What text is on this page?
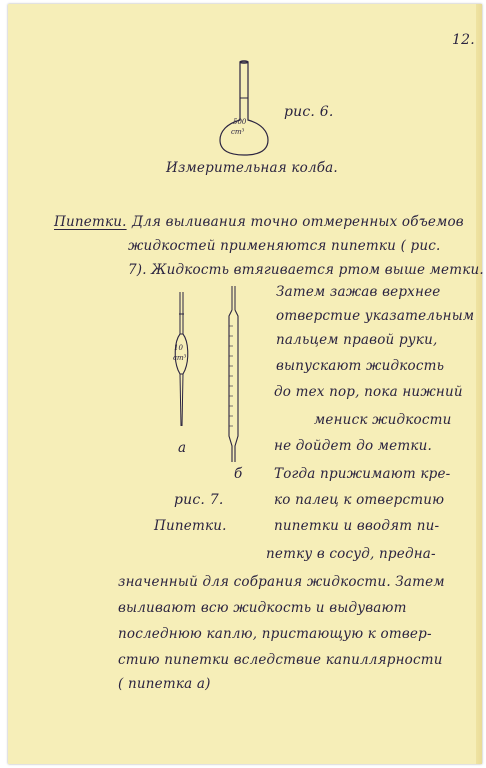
12.
500
cm³
рис. 6.
Измерительная колба.
Пипетки. Для выливания точно отмеренных объемов
жидкостей применяются пипетки ( рис.
7). Жидкость втягивается ртом выше метки.
10
cm³
а
б
рис. 7.
Пипетки.
Затем зажав верхнее
отверстие указательным
пальцем правой руки,
выпускают жидкость
до тех пор, пока нижний
мениск жидкости
не дойдет до метки.
Тогда прижимают кре-
ко палец к отверстию
пипетки и вводят пи-
петку в сосуд, предна-
значенный для собрания жидкости. Затем
выливают всю жидкость и выдувают
последнюю каплю, пристающую к отвер-
стию пипетки вследствие капиллярности
( пипетка а)
